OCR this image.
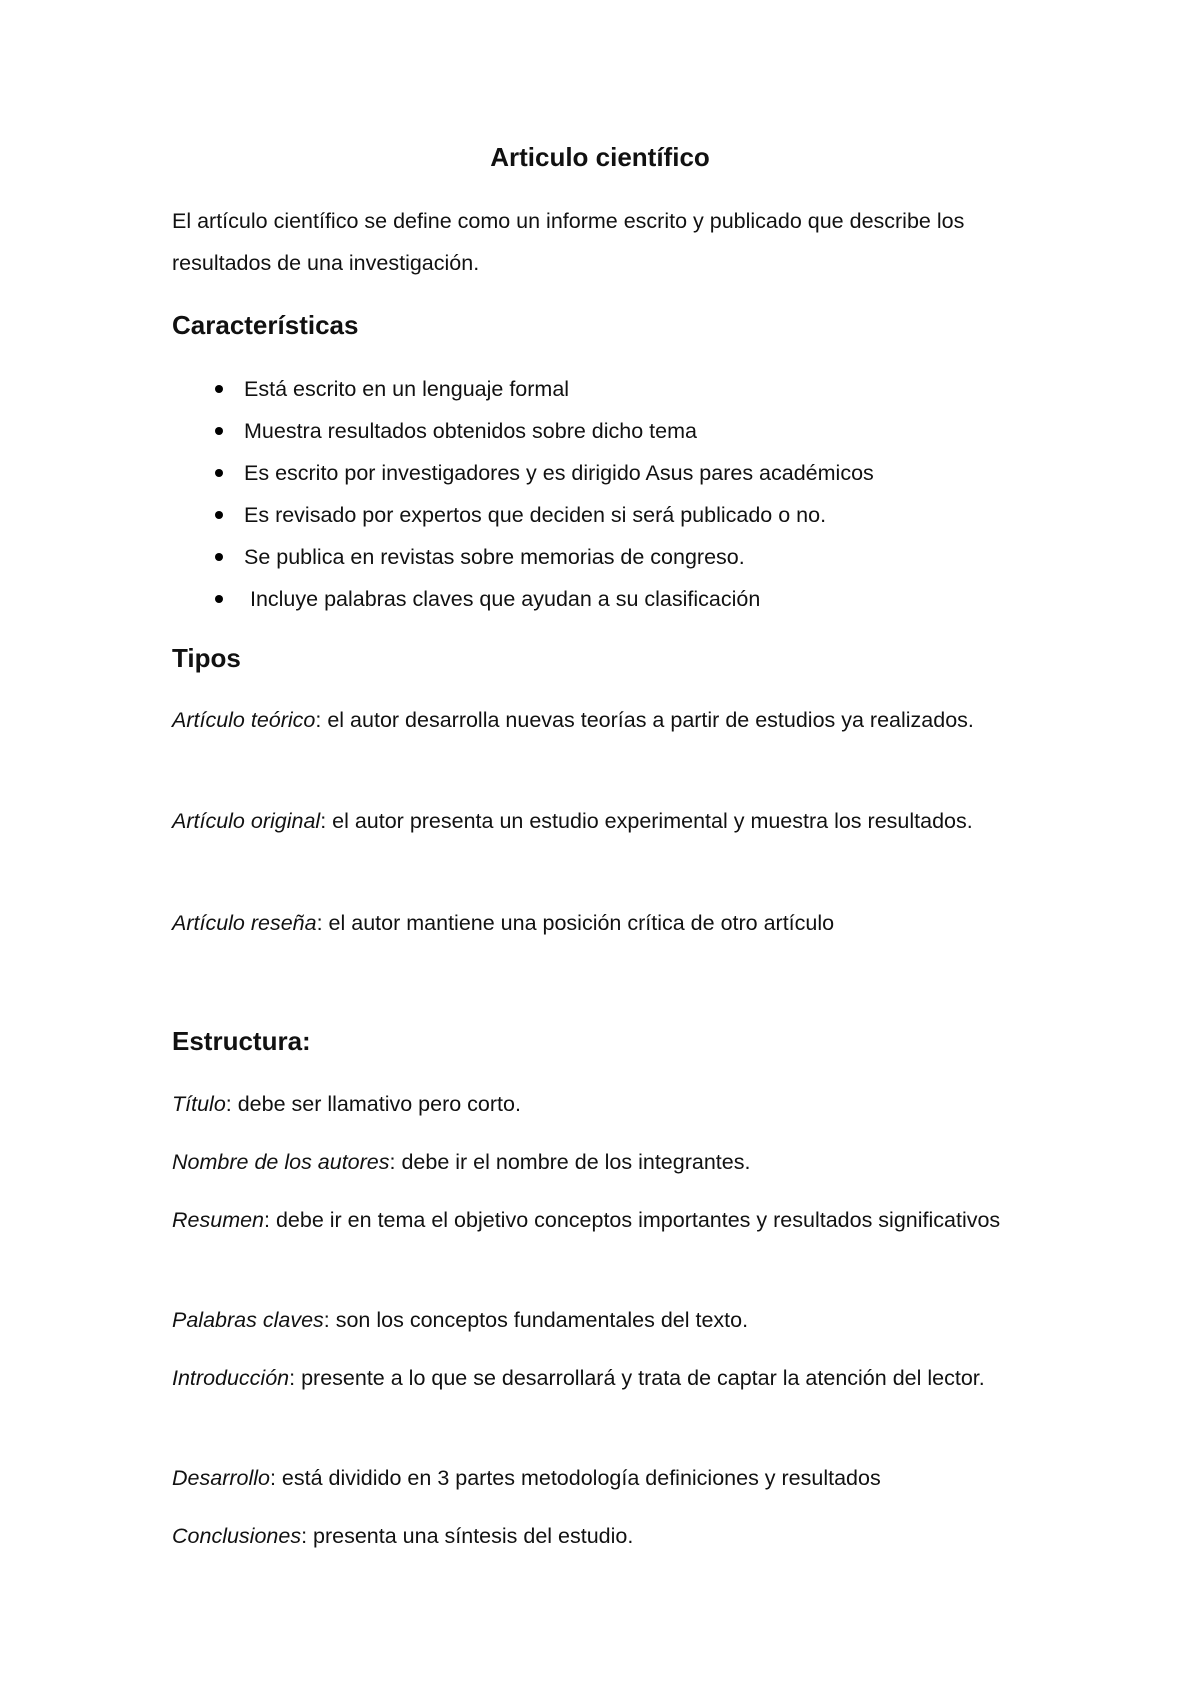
Articulo científico

El artículo científico se define como un informe escrito y publicado que describe los resultados de una investigación.

Características
Está escrito en un lenguaje formal
Muestra resultados obtenidos sobre dicho tema
Es escrito por investigadores y es dirigido Asus pares académicos
Es revisado por expertos que deciden si será publicado o no.
Se publica en revistas sobre memorias de congreso.
Incluye palabras claves que ayudan a su clasificación
Tipos

Artículo teórico: el autor desarrolla nuevas teorías a partir de estudios ya realizados.

Artículo original: el autor presenta un estudio experimental y muestra los resultados.

Artículo reseña: el autor mantiene una posición crítica de otro artículo

Estructura:

Título: debe ser llamativo pero corto.

Nombre de los autores: debe ir el nombre de los integrantes.

Resumen: debe ir en tema el objetivo conceptos importantes y resultados significativos

Palabras claves: son los conceptos fundamentales del texto.

Introducción: presente a lo que se desarrollará y trata de captar la atención del lector.

Desarrollo: está dividido en 3 partes metodología definiciones y resultados

Conclusiones: presenta una síntesis del estudio.
